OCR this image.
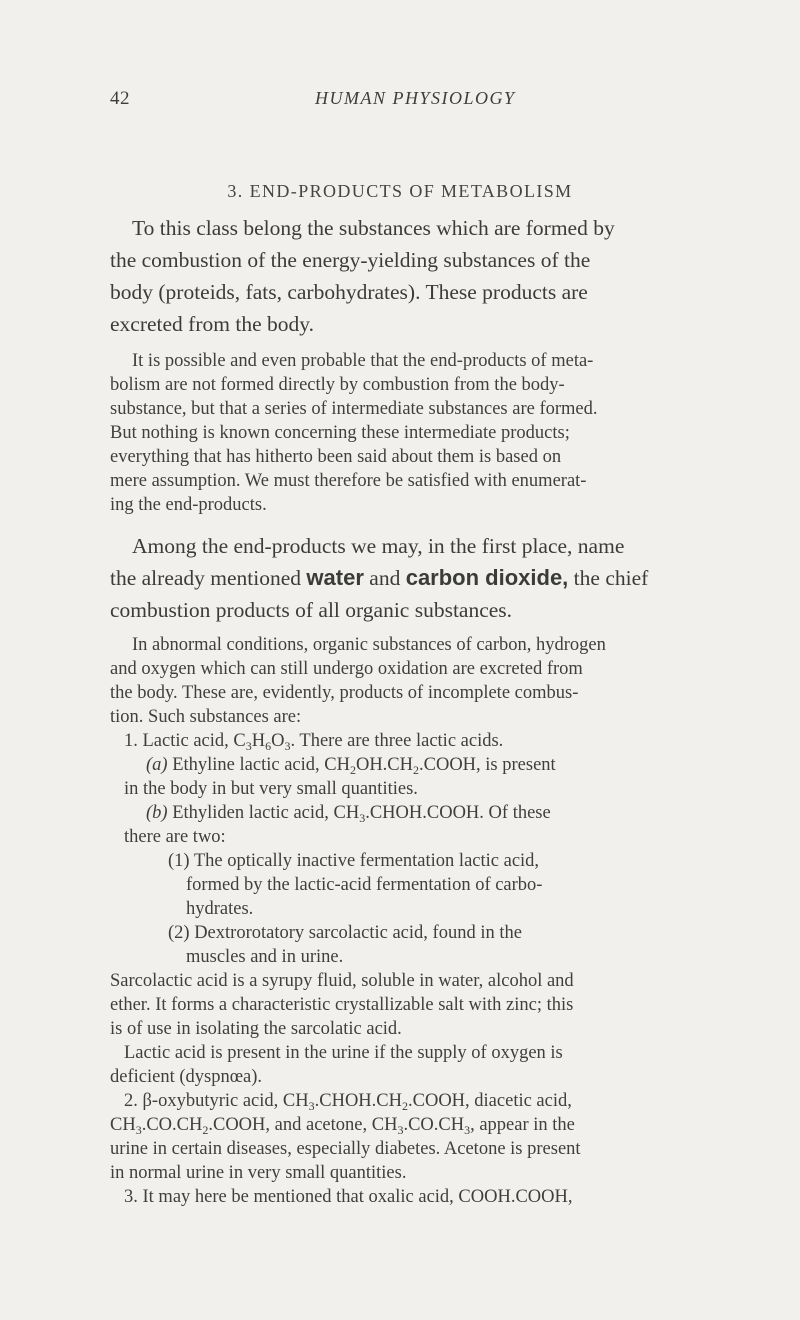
42	HUMAN PHYSIOLOGY
3. END-PRODUCTS OF METABOLISM
To this class belong the substances which are formed by
the combustion of the energy-yielding substances of the
body (proteids, fats, carbohydrates). These products are
excreted from the body.
It is possible and even probable that the end-products of meta-
bolism are not formed directly by combustion from the body-
substance, but that a series of intermediate substances are formed.
But nothing is known concerning these intermediate products;
everything that has hitherto been said about them is based on
mere assumption. We must therefore be satisfied with enumerat-
ing the end-products.
Among the end-products we may, in the first place, name
the already mentioned water and carbon dioxide, the chief
combustion products of all organic substances.
In abnormal conditions, organic substances of carbon, hydrogen
and oxygen which can still undergo oxidation are excreted from
the body. These are, evidently, products of incomplete combus-
tion. Such substances are:
1. Lactic acid, $C_3H_6O_3$. There are three lactic acids.
(a) Ethyline lactic acid, $CH_2OH.CH_2.COOH$, is present
in the body in but very small quantities.
(b) Ethyliden lactic acid, $CH_3.CHOH.COOH$. Of these
there are two:
(1) The optically inactive fermentation lactic acid,
formed by the lactic-acid fermentation of carbo-
hydrates.
(2) Dextrorotatory sarcolactic acid, found in the
muscles and in urine.
Sarcolactic acid is a syrupy fluid, soluble in water, alcohol and
ether. It forms a characteristic crystallizable salt with zinc; this
is of use in isolating the sarcolatic acid.
Lactic acid is present in the urine if the supply of oxygen is
deficient (dyspnœa).
2. β-oxybutyric acid, $CH_3.CHOH.CH_2.COOH$, diacetic acid,
$CH_3.CO.CH_2.COOH$, and acetone, $CH_3.CO.CH_3$, appear in the
urine in certain diseases, especially diabetes. Acetone is present
in normal urine in very small quantities.
3. It may here be mentioned that oxalic acid, COOH.COOH,
